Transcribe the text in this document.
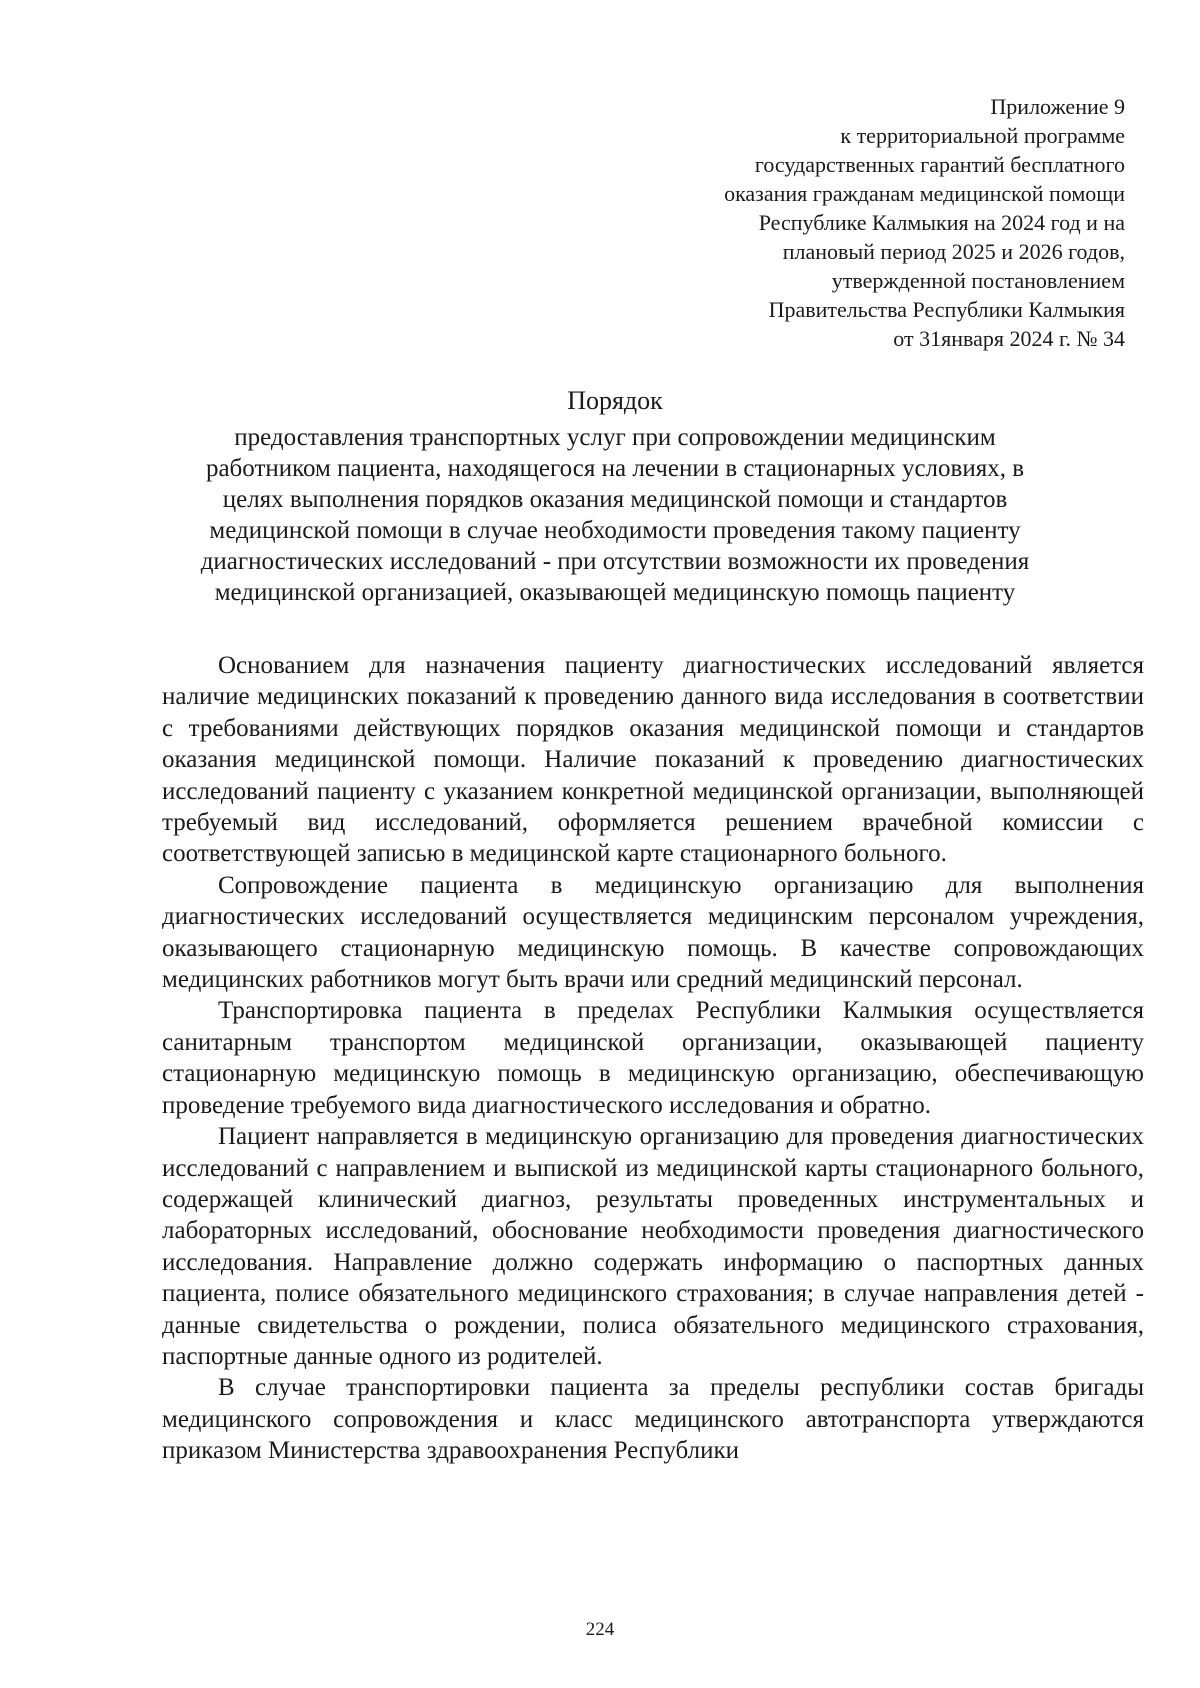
Приложение 9
к территориальной программе
государственных гарантий бесплатного
оказания гражданам медицинской помощи
Республике Калмыкия на 2024 год и на
плановый период 2025 и 2026 годов,
утвержденной постановлением
Правительства Республики Калмыкия
от 31января 2024 г. № 34
Порядок
предоставления транспортных услуг при сопровождении медицинским
работником пациента, находящегося на лечении в стационарных условиях, в
целях выполнения порядков оказания медицинской помощи и стандартов
медицинской помощи в случае необходимости проведения такому пациенту
диагностических исследований - при отсутствии возможности их проведения
медицинской организацией, оказывающей медицинскую помощь пациенту

Основанием для назначения пациенту диагностических исследований является наличие медицинских показаний к проведению данного вида исследования в соответствии с требованиями действующих порядков оказания медицинской помощи и стандартов оказания медицинской помощи. Наличие показаний к проведению диагностических исследований пациенту с указанием конкретной медицинской организации, выполняющей требуемый вид исследований, оформляется решением врачебной комиссии с соответствующей записью в медицинской карте стационарного больного.

Сопровождение пациента в медицинскую организацию для выполнения диагностических исследований осуществляется медицинским персоналом учреждения, оказывающего стационарную медицинскую помощь. В качестве сопровождающих медицинских работников могут быть врачи или средний медицинский персонал.

Транспортировка пациента в пределах Республики Калмыкия осуществляется санитарным транспортом медицинской организации, оказывающей пациенту стационарную медицинскую помощь в медицинскую организацию, обеспечивающую проведение требуемого вида диагностического исследования и обратно.

Пациент направляется в медицинскую организацию для проведения диагностических исследований с направлением и выпиской из медицинской карты стационарного больного, содержащей клинический диагноз, результаты проведенных инструментальных и лабораторных исследований, обоснование необходимости проведения диагностического исследования. Направление должно содержать информацию о паспортных данных пациента, полисе обязательного медицинского страхования; в случае направления детей - данные свидетельства о рождении, полиса обязательного медицинского страхования, паспортные данные одного из родителей.

В случае транспортировки пациента за пределы республики состав бригады медицинского сопровождения и класс медицинского автотранспорта утверждаются приказом Министерства здравоохранения Республики

224
